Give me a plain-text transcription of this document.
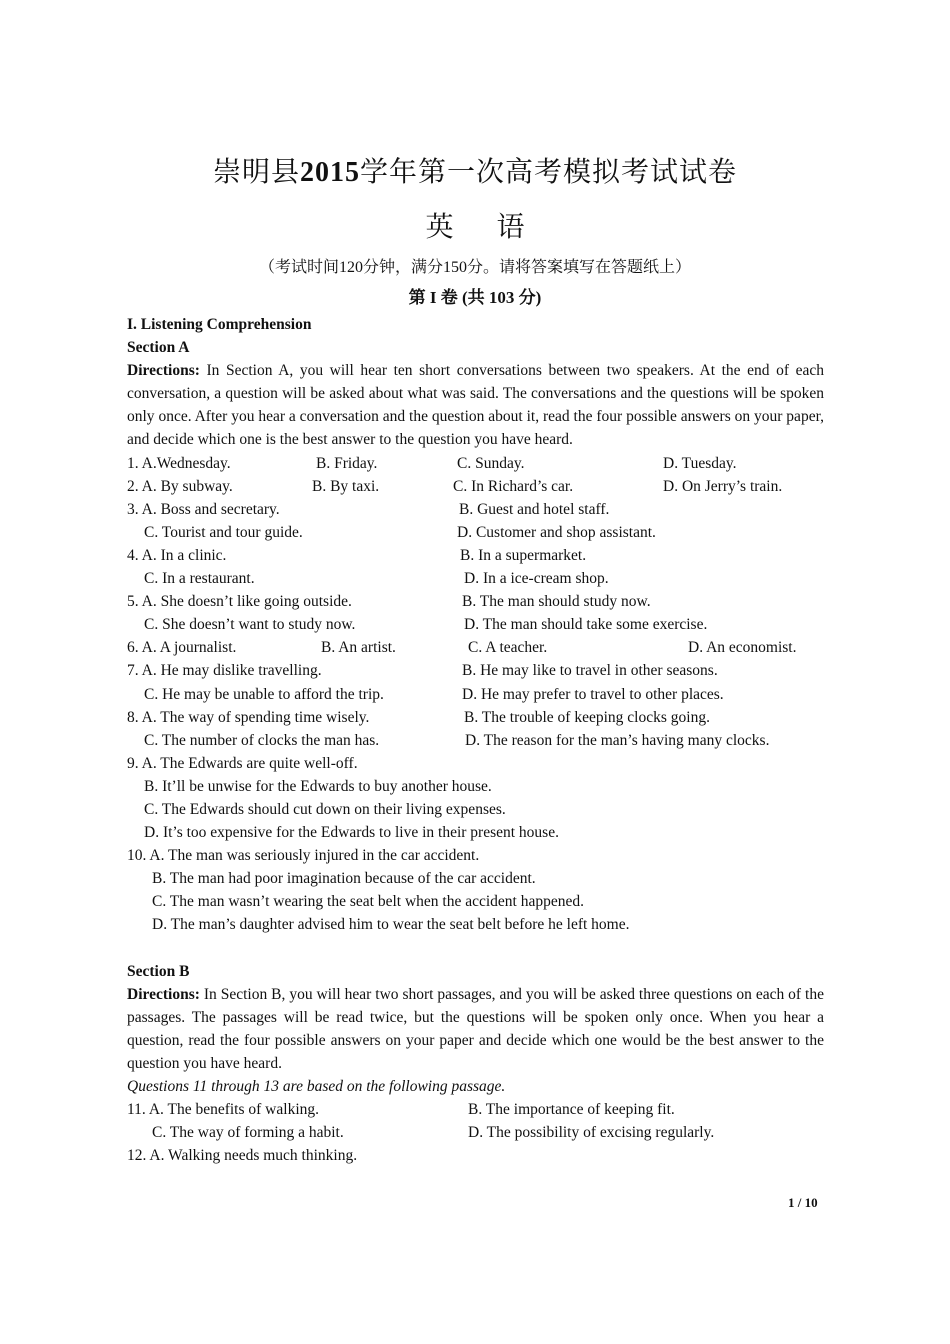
崇明县2015学年第一次高考模拟考试试卷
英 语
（考试时间120分钟，满分150分。请将答案填写在答题纸上）
第 I 卷 (共 103 分)
I. Listening Comprehension
Section A
Directions: In Section A, you will hear ten short conversations between two speakers. At the end of each conversation, a question will be asked about what was said. The conversations and the questions will be spoken only once. After you hear a conversation and the question about it, read the four possible answers on your paper, and decide which one is the best answer to the question you have heard.
1. A.Wednesday.	B. Friday.	C. Sunday.	D. Tuesday.
2. A. By subway.	B. By taxi.	C. In Richard’s car.	D. On Jerry’s train.
3. A. Boss and secretary.	B. Guest and hotel staff.
C. Tourist and tour guide.	D. Customer and shop assistant.
4. A. In a clinic.	B. In a supermarket.
C. In a restaurant.	D. In a ice-cream shop.
5. A. She doesn’t like going outside.	B. The man should study now.
C. She doesn’t want to study now.	D. The man should take some exercise.
6. A. A journalist.	B. An artist.	C. A teacher.	D. An economist.
7. A. He may dislike travelling.	B. He may like to travel in other seasons.
C. He may be unable to afford the trip.	D. He may prefer to travel to other places.
8. A. The way of spending time wisely.	B. The trouble of keeping clocks going.
C. The number of clocks the man has.	D. The reason for the man’s having many clocks.
9. A. The Edwards are quite well-off.
B. It’ll be unwise for the Edwards to buy another house.
C. The Edwards should cut down on their living expenses.
D. It’s too expensive for the Edwards to live in their present house.
10. A. The man was seriously injured in the car accident.
B. The man had poor imagination because of the car accident.
C. The man wasn’t wearing the seat belt when the accident happened.
D. The man’s daughter advised him to wear the seat belt before he left home.
Section B
Directions: In Section B, you will hear two short passages, and you will be asked three questions on each of the passages. The passages will be read twice, but the questions will be spoken only once. When you hear a question, read the four possible answers on your paper and decide which one would be the best answer to the question you have heard.
Questions 11 through 13 are based on the following passage.
11. A. The benefits of walking.	B. The importance of keeping fit.
C. The way of forming a habit.	D. The possibility of excising regularly.
12. A. Walking needs much thinking.
1 / 10
